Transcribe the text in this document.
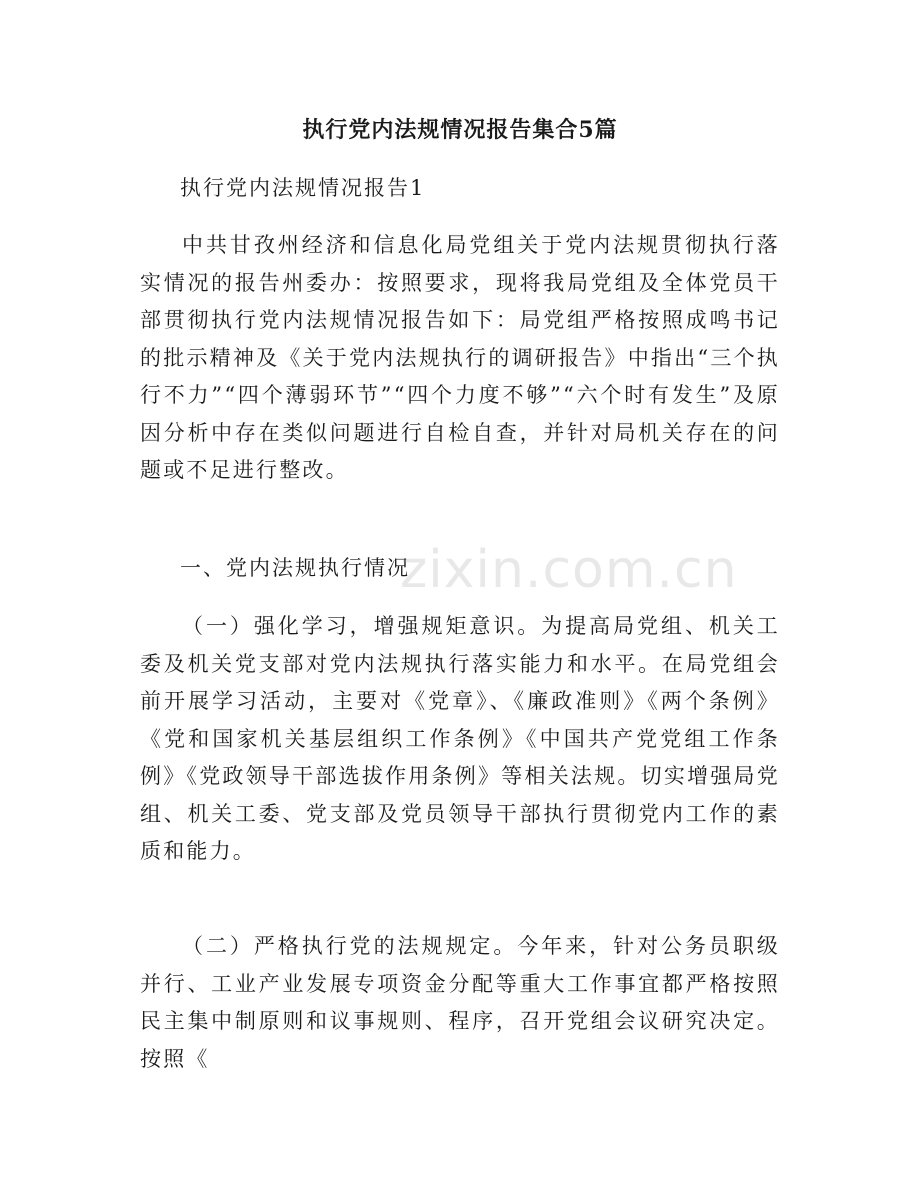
执行党内法规情况报告集合5篇
执行党内法规情况报告1

中共甘孜州经济和信息化局党组关于党内法规贯彻执行落实情况的报告州委办：按照要求，现将我局党组及全体党员干部贯彻执行党内法规情况报告如下：局党组严格按照成鸣书记的批示精神及《关于党内法规执行的调研报告》中指出“三个执行不力”“四个薄弱环节”“四个力度不够”“六个时有发生”及原因分析中存在类似问题进行自检自查，并针对局机关存在的问题或不足进行整改。

一、党内法规执行情况

（一）强化学习，增强规矩意识。为提高局党组、机关工委及机关党支部对党内法规执行落实能力和水平。在局党组会前开展学习活动，主要对《党章》、《廉政准则》《两个条例》《党和国家机关基层组织工作条例》《中国共产党党组工作条例》《党政领导干部选拔作用条例》等相关法规。切实增强局党组、机关工委、党支部及党员领导干部执行贯彻党内工作的素质和能力。

（二）严格执行党的法规规定。今年来，针对公务员职级并行、工业产业发展专项资金分配等重大工作事宜都严格按照民主集中制原则和议事规则、程序，召开党组会议研究决定。按照《

zixin.com.cn
